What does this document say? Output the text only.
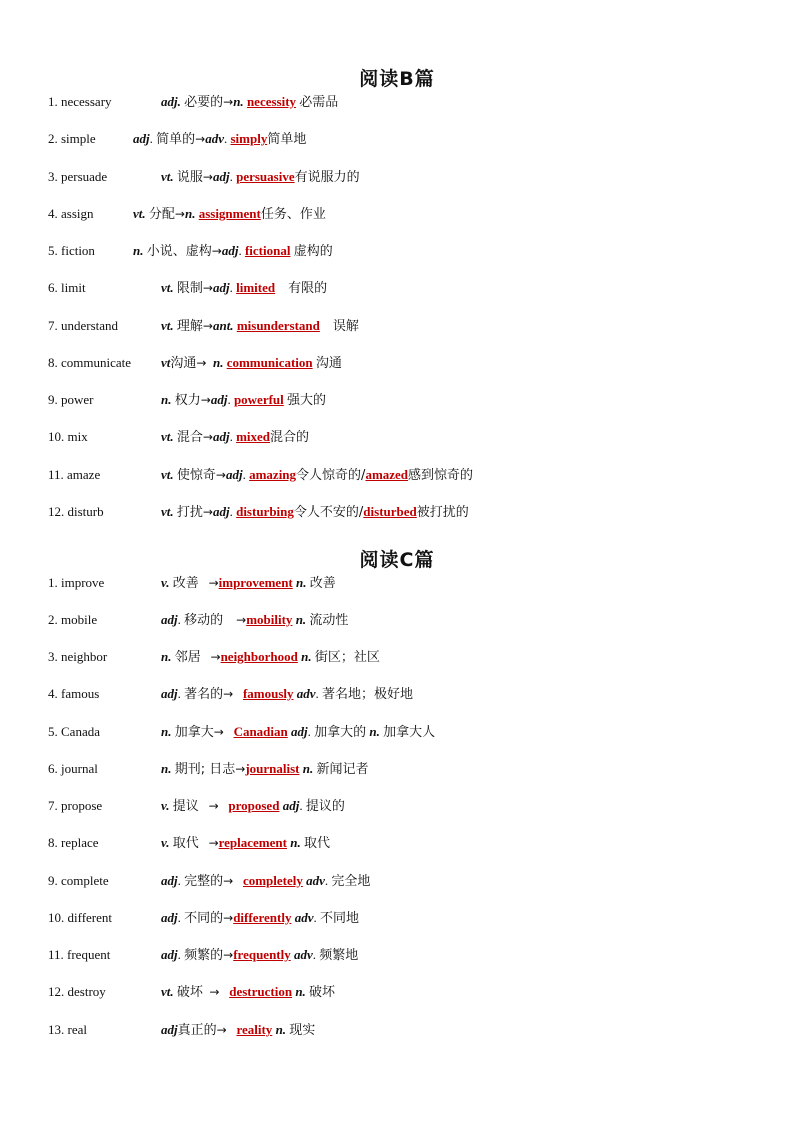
阅读B篇
1. necessary	adj. 必要的→n. necessity 必需品
2. simple	adj. 简单的→adv. simply简单地
3. persuade	vt. 说服→adj. persuasive有说服力的
4. assign	vt. 分配→n. assignment任务、作业
5. fiction	n. 小说、虚构→adj. fictional 虚构的
6. limit	vt. 限制→adj. limited 有限的
7. understand	vt. 理解→ant. misunderstand 误解
8. communicate vt沟通→ n. communication 沟通
9. power	n. 权力→adj. powerful 强大的
10. mix	vt. 混合→adj. mixed混合的
11. amaze	vt. 使惊奇→adj. amazing令人惊奇的/amazed感到惊奇的
12. disturb	vt. 打扰→adj. disturbing令人不安的/disturbed被打扰的
阅读C篇
1. improve	v. 改善 →improvement n. 改善
2. mobile	adj. 移动的 →mobility n. 流动性
3. neighbor	n. 邻居 →neighborhood n. 街区；社区
4. famous	adj. 著名的→ famously adv. 著名地；极好地
5. Canada	n. 加拿大→ Canadian adj. 加拿大的 n. 加拿大人
6. journal	n. 期刊; 日志→journalist n. 新闻记者
7. propose	v. 提议 → proposed adj. 提议的
8. replace	v. 取代 →replacement n. 取代
9. complete	adj. 完整的→ completely adv. 完全地
10. different	adj. 不同的→differently adv. 不同地
11. frequent	adj. 频繁的→frequently adv. 频繁地
12. destroy	vt. 破坏 → destruction n. 破坏
13. real	adj真正的→ reality n. 现实
